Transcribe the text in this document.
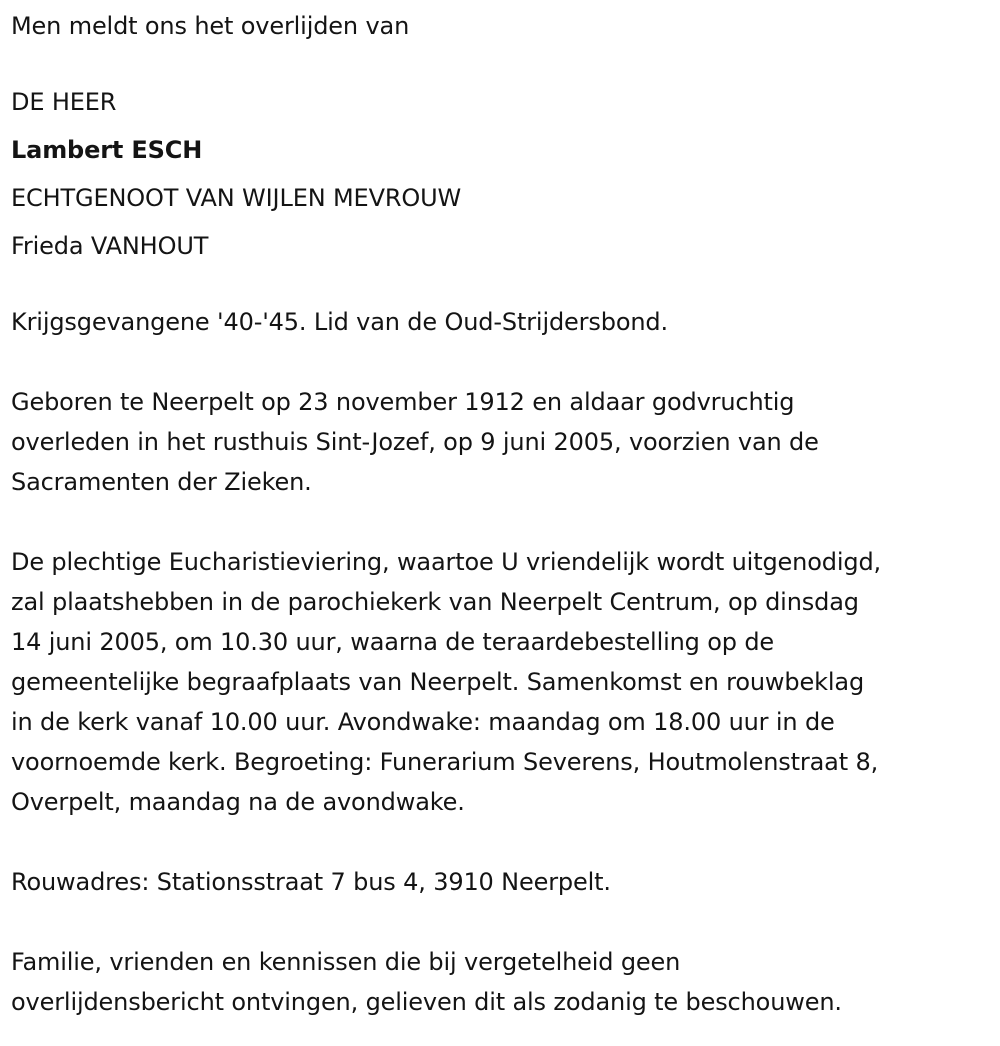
Men meldt ons het overlijden van

DE HEER

Lambert ESCH

ECHTGENOOT VAN WIJLEN MEVROUW

Frieda VANHOUT

Krijgsgevangene '40-'45. Lid van de Oud-Strijdersbond.

Geboren te Neerpelt op 23 november 1912 en aldaar godvruchtig

overleden in het rusthuis Sint-Jozef, op 9 juni 2005, voorzien van de

Sacramenten der Zieken.

De plechtige Eucharistieviering, waartoe U vriendelijk wordt uitgenodigd,

zal plaatshebben in de parochiekerk van Neerpelt Centrum, op dinsdag

14 juni 2005, om 10.30 uur, waarna de teraardebestelling op de

gemeentelijke begraafplaats van Neerpelt. Samenkomst en rouwbeklag

in de kerk vanaf 10.00 uur. Avondwake: maandag om 18.00 uur in de

voornoemde kerk. Begroeting: Funerarium Severens, Houtmolenstraat 8,

Overpelt, maandag na de avondwake.

Rouwadres: Stationsstraat 7 bus 4, 3910 Neerpelt.

Familie, vrienden en kennissen die bij vergetelheid geen

overlijdensbericht ontvingen, gelieven dit als zodanig te beschouwen.
